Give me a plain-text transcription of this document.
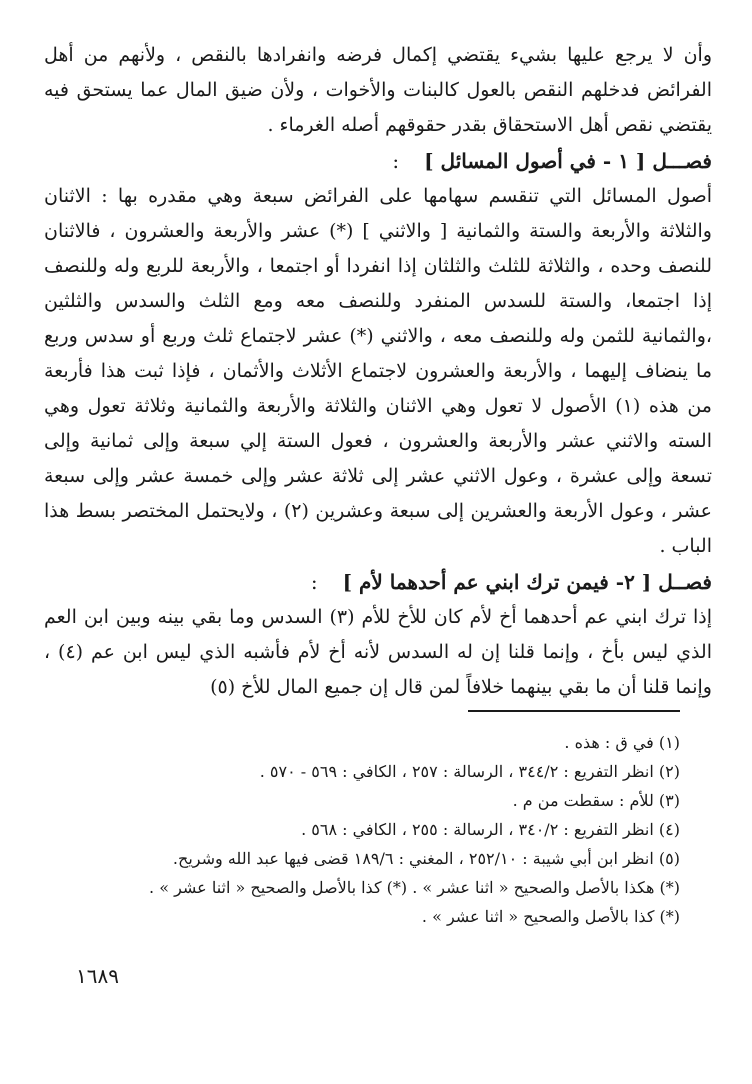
وأن لا يرجع عليها بشيء يقتضي إكمال فرضه وانفرادها بالنقص ، ولأنهم من أهل الفرائض فدخلهم النقص بالعول كالبنات والأخوات ، ولأن ضيق المال عما يستحق فيه يقتضي نقص أهل الاستحقاق بقدر حقوقهم أصله الغرماء .

فصـــل [ ١ - في أصول المسائل ] :

أصول المسائل التي تنقسم سهامها على الفرائض سبعة وهي مقدره بها : الاثنان والثلاثة والأربعة والستة والثمانية [ والاثني ] (*) عشر والأربعة والعشرون ، فالاثنان للنصف وحده ، والثلاثة للثلث والثلثان إذا انفردا أو اجتمعا ، والأربعة للربع وله وللنصف إذا اجتمعا، والستة للسدس المنفرد وللنصف معه ومع الثلث والسدس والثلثين ،والثمانية للثمن وله وللنصف معه ، والاثني (*) عشر لاجتماع ثلث وربع أو سدس وربع ما ينضاف إليهما ، والأربعة والعشرون لاجتماع الأثلاث والأثمان ، فإذا ثبت هذا فأربعة من هذه (١) الأصول لا تعول وهي الاثنان والثلاثة والأربعة والثمانية وثلاثة تعول وهي السته والاثني عشر والأربعة والعشرون ، فعول الستة إلي سبعة وإلى ثمانية وإلى تسعة وإلى عشرة ، وعول الاثني عشر إلى ثلاثة عشر وإلى خمسة عشر وإلى سبعة عشر ، وعول الأربعة والعشرين إلى سبعة وعشرين (٢) ، ولايحتمل المختصر بسط هذا الباب .

فصــل [ ٢- فيمن ترك ابني عم أحدهما لأم ] :

إذا ترك ابني عم أحدهما أخ لأم كان للأخ للأم (٣) السدس وما بقي بينه وبين ابن العم الذي ليس بأخ ، وإنما قلنا إن له السدس لأنه أخ لأم فأشبه الذي ليس ابن عم (٤) ، وإنما قلنا أن ما بقي بينهما خلافاً لمن قال إن جميع المال للأخ (٥)

(١) في ق : هذه .

(٢) انظر التفريع : ٣٤٤/٢ ، الرسالة : ٢٥٧ ، الكافي : ٥٦٩ - ٥٧٠ .

(٣) للأم : سقطت من م .

(٤) انظر التفريع : ٣٤٠/٢ ، الرسالة : ٢٥٥ ، الكافي : ٥٦٨ .

(٥) انظر ابن أبي شيبة : ٢٥٢/١٠ ، المغني : ١٨٩/٦ قضى فيها عبد الله وشريح.

(*) هكذا بالأصل والصحيح « اثنا عشر » . (*) كذا بالأصل والصحيح « اثنا عشر » .

(*) كذا بالأصل والصحيح « اثنا عشر » .

١٦٨٩
